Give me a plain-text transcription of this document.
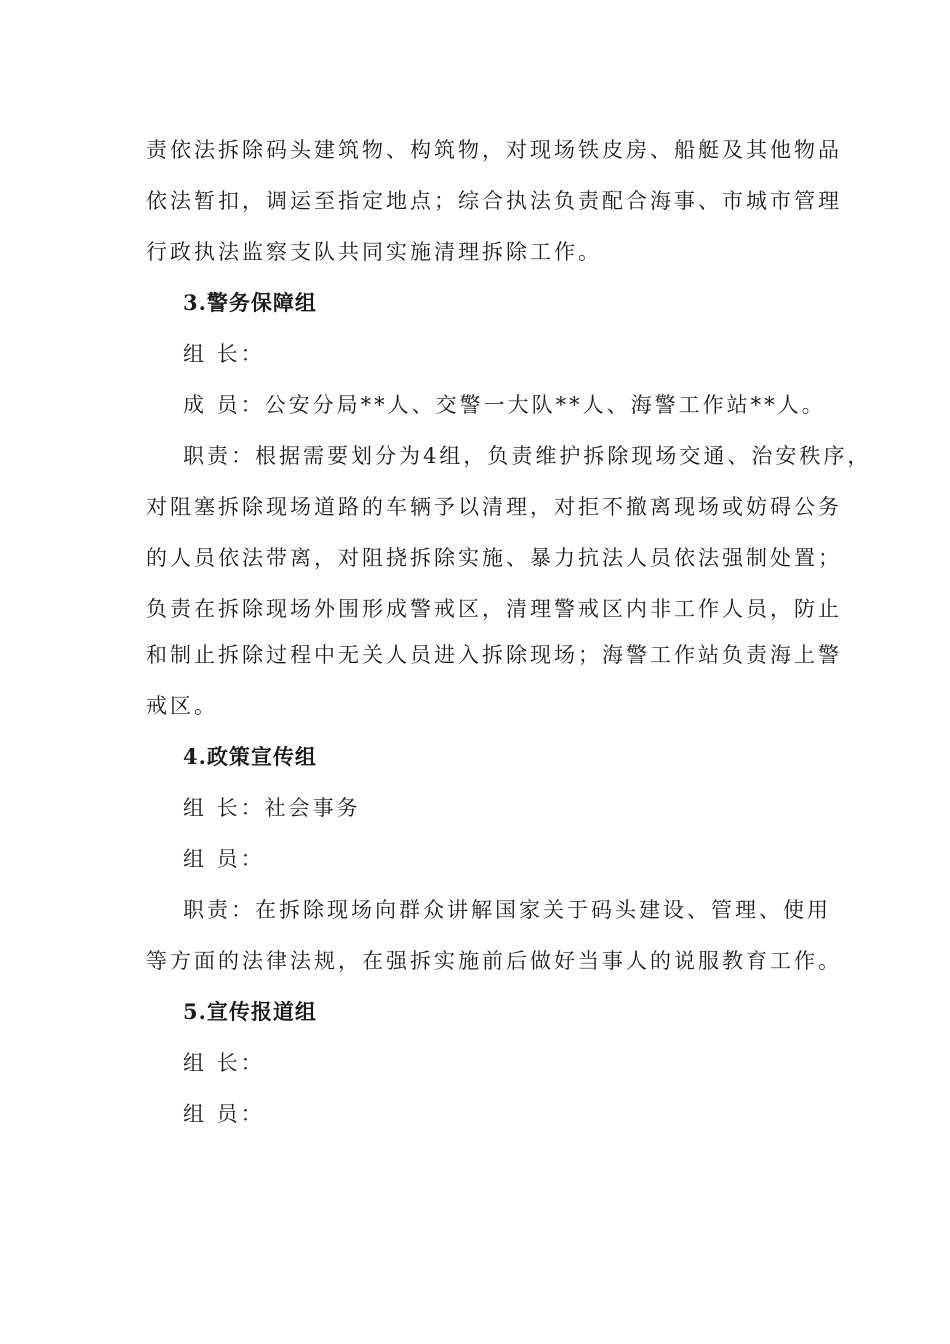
责依法拆除码头建筑物、构筑物，对现场铁皮房、船艇及其他物品
依法暂扣，调运至指定地点；综合执法负责配合海事、市城市管理
行政执法监察支队共同实施清理拆除工作。
3.警务保障组
组 长：
成 员：公安分局**人、交警一大队**人、海警工作站**人。
职责：根据需要划分为4组，负责维护拆除现场交通、治安秩序，
对阻塞拆除现场道路的车辆予以清理，对拒不撤离现场或妨碍公务
的人员依法带离，对阻挠拆除实施、暴力抗法人员依法强制处置；
负责在拆除现场外围形成警戒区，清理警戒区内非工作人员，防止
和制止拆除过程中无关人员进入拆除现场；海警工作站负责海上警
戒区。
4.政策宣传组
组 长：社会事务
组 员：
职责：在拆除现场向群众讲解国家关于码头建设、管理、使用
等方面的法律法规，在强拆实施前后做好当事人的说服教育工作。
5.宣传报道组
组 长：
组 员：
